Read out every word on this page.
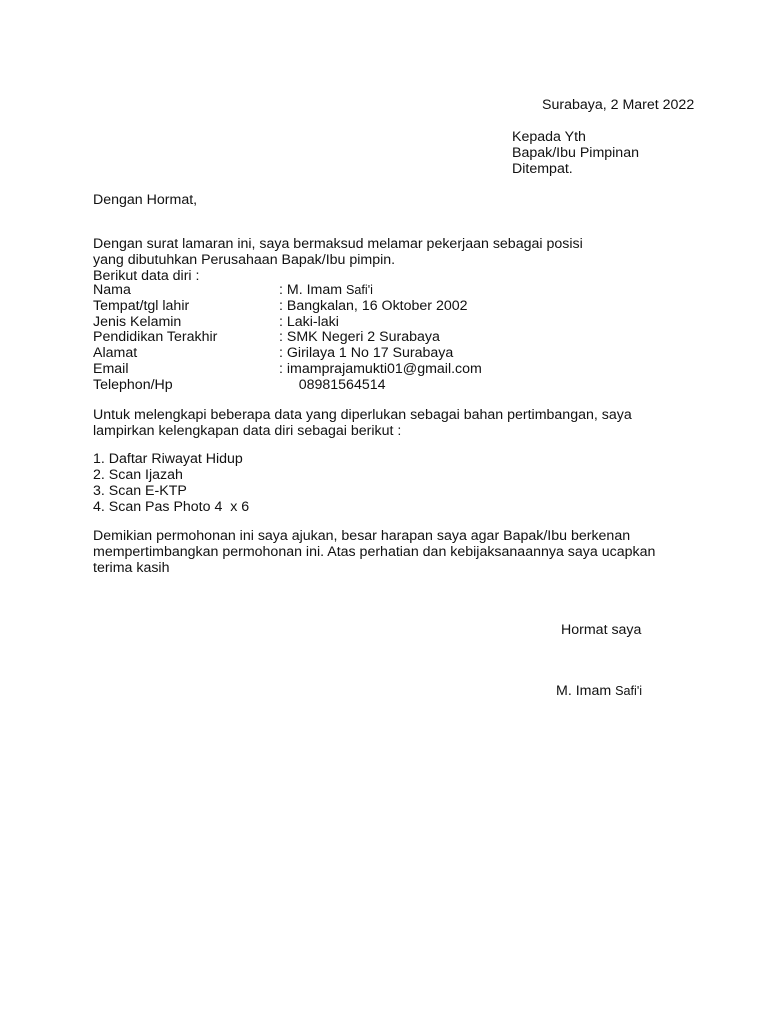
Surabaya, 2 Maret 2022
Kepada Yth
Bapak/Ibu Pimpinan
Ditempat.
Dengan Hormat,
Dengan surat lamaran ini, saya bermaksud melamar pekerjaan sebagai posisi
yang dibutuhkan Perusahaan Bapak/Ibu pimpin.
Berikut data diri :
Nama	: M. Imam Safi'i
Tempat/tgl lahir	: Bangkalan, 16 Oktober 2002
Jenis Kelamin	: Laki-laki
Pendidikan Terakhir	: SMK Negeri 2 Surabaya
Alamat	: Girilaya 1 No 17 Surabaya
Email	: imamprajamukti01@gmail.com
Telephon/Hp	08981564514
Untuk melengkapi beberapa data yang diperlukan sebagai bahan pertimbangan, saya
lampirkan kelengkapan data diri sebagai berikut :
1. Daftar Riwayat Hidup
2. Scan Ijazah
3. Scan E-KTP
4. Scan Pas Photo 4  x 6
Demikian permohonan ini saya ajukan, besar harapan saya agar Bapak/Ibu berkenan
mempertimbangkan permohonan ini. Atas perhatian dan kebijaksanaannya saya ucapkan
terima kasih
Hormat saya
M. Imam Safi'i
